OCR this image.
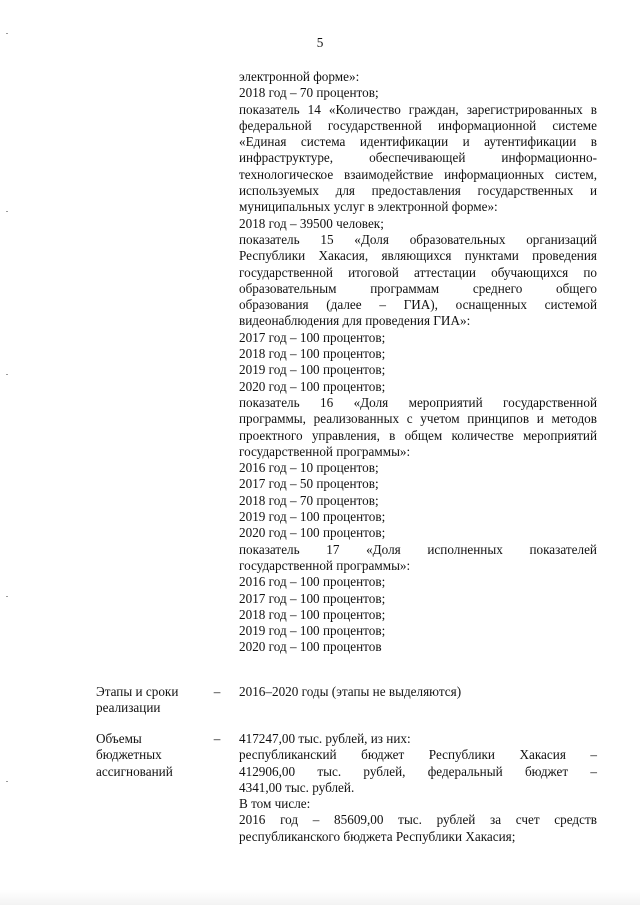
5
электронной форме»:
2018 год – 70 процентов;
показатель 14 «Количество граждан, зарегистрированных в
федеральной государственной информационной системе
«Единая система идентификации и аутентификации в
инфраструктуре, обеспечивающей информационно-
технологическое взаимодействие информационных систем,
используемых для предоставления государственных и
муниципальных услуг в электронной форме»:
2018 год – 39500 человек;
показатель 15 «Доля образовательных организаций
Республики Хакасия, являющихся пунктами проведения
государственной итоговой аттестации обучающихся по
образовательным программам среднего общего
образования (далее – ГИА), оснащенных системой
видеонаблюдения для проведения ГИА»:
2017 год – 100 процентов;
2018 год – 100 процентов;
2019 год – 100 процентов;
2020 год – 100 процентов;
показатель 16 «Доля мероприятий государственной
программы, реализованных с учетом принципов и методов
проектного управления, в общем количестве мероприятий
государственной программы»:
2016 год – 10 процентов;
2017 год – 50 процентов;
2018 год – 70 процентов;
2019 год – 100 процентов;
2020 год – 100 процентов;
показатель 17 «Доля исполненных показателей
государственной программы»:
2016 год – 100 процентов;
2017 год – 100 процентов;
2018 год – 100 процентов;
2019 год – 100 процентов;
2020 год – 100 процентов
Этапы и сроки
реализации
– 2016–2020 годы (этапы не выделяются)
Объемы
бюджетных
ассигнований
– 417247,00 тыс. рублей, из них:
республиканский бюджет Республики Хакасия –
412906,00 тыс. рублей, федеральный бюджет –
4341,00 тыс. рублей.
В том числе:
2016 год – 85609,00 тыс. рублей за счет средств
республиканского бюджета Республики Хакасия;
